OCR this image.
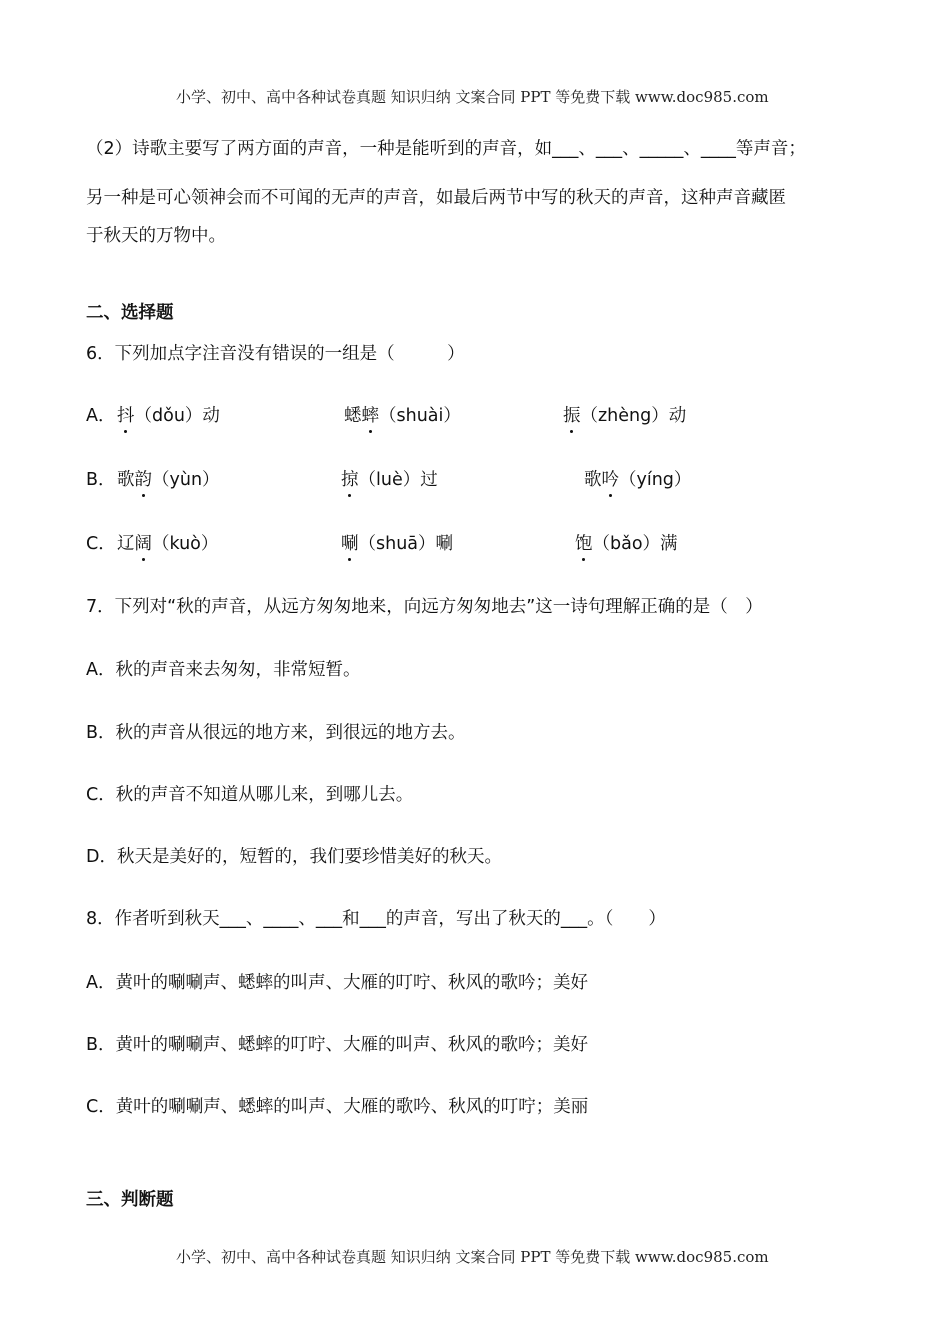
小学、初中、高中各种试卷真题 知识归纳 文案合同 PPT 等免费下载 www.doc985.com
（2）诗歌主要写了两方面的声音，一种是能听到的声音，如___、___、_____、____等声音；
另一种是可心领神会而不可闻的无声的声音，如最后两节中写的秋天的声音，这种声音藏匿
于秋天的万物中。
二、选择题
6．下列加点字注音没有错误的一组是（　　　）
A． 抖（dǒu）动	蟋蟀（shuài）	振（zhèng）动
B． 歌韵（yùn）	掠（luè）过	歌吟（yíng）
C． 辽阔（kuò）	唰（shuā）唰	饱（bǎo）满
7．下列对“秋的声音，从远方匆匆地来，向远方匆匆地去”这一诗句理解正确的是（　）
A．秋的声音来去匆匆，非常短暂。
B．秋的声音从很远的地方来，到很远的地方去。
C．秋的声音不知道从哪儿来，到哪儿去。
D．秋天是美好的，短暂的，我们要珍惜美好的秋天。
8．作者听到秋天___、____、___和___的声音，写出了秋天的___。（　　）
A．黄叶的唰唰声、蟋蟀的叫声、大雁的叮咛、秋风的歌吟；美好
B．黄叶的唰唰声、蟋蟀的叮咛、大雁的叫声、秋风的歌吟；美好
C．黄叶的唰唰声、蟋蟀的叫声、大雁的歌吟、秋风的叮咛；美丽
三、判断题
小学、初中、高中各种试卷真题 知识归纳 文案合同 PPT 等免费下载 www.doc985.com
